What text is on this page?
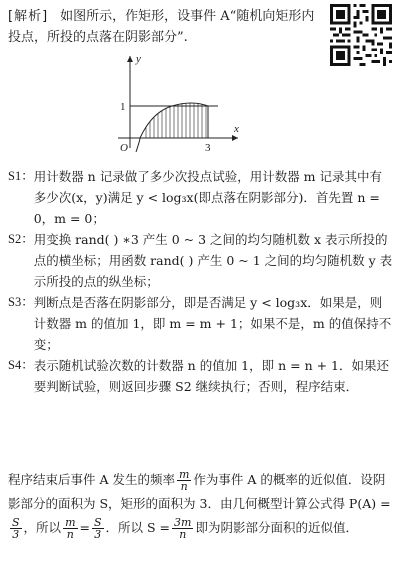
[解析] 如图所示，作矩形，设事件 A“随机向矩形内投点，所投的点落在阴影部分”.
y
x
O	3
1
S1： 用计数器 n 记录做了多少次投点试验，用计数器 m 记录其中有多少次(x，y)满足 y < log₃x(即点落在阴影部分)．首先置 n = 0，m = 0；
S2： 用变换 rand( ) ∗3 产生 0 ~ 3 之间的均匀随机数 x 表示所投的点的横坐标；用函数 rand( ) 产生 0 ~ 1 之间的均匀随机数 y 表示所投的点的纵坐标；
S3： 判断点是否落在阴影部分，即是否满足 y < log₃x．如果是，则计数器 m 的值加 1，即 m = m + 1；如果不是，m 的值保持不变；
S4： 表示随机试验次数的计数器 n 的值加 1，即 n = n + 1．如果还要判断试验，则返回步骤 S2 继续执行；否则，程序结束．
程序结束后事件 A 发生的频率 $\frac{m}{n}$ 作为事件 A 的概率的近似值．设阴影部分的面积为 S，矩形的面积为 3．由几何概型计算公式得 P(A) =
$\frac{S}{3}$ ，所以 $\frac{m}{n} = \frac{S}{3}$ ．所以 $S = \frac{3m}{n}$ 即为阴影部分面积的近似值．
